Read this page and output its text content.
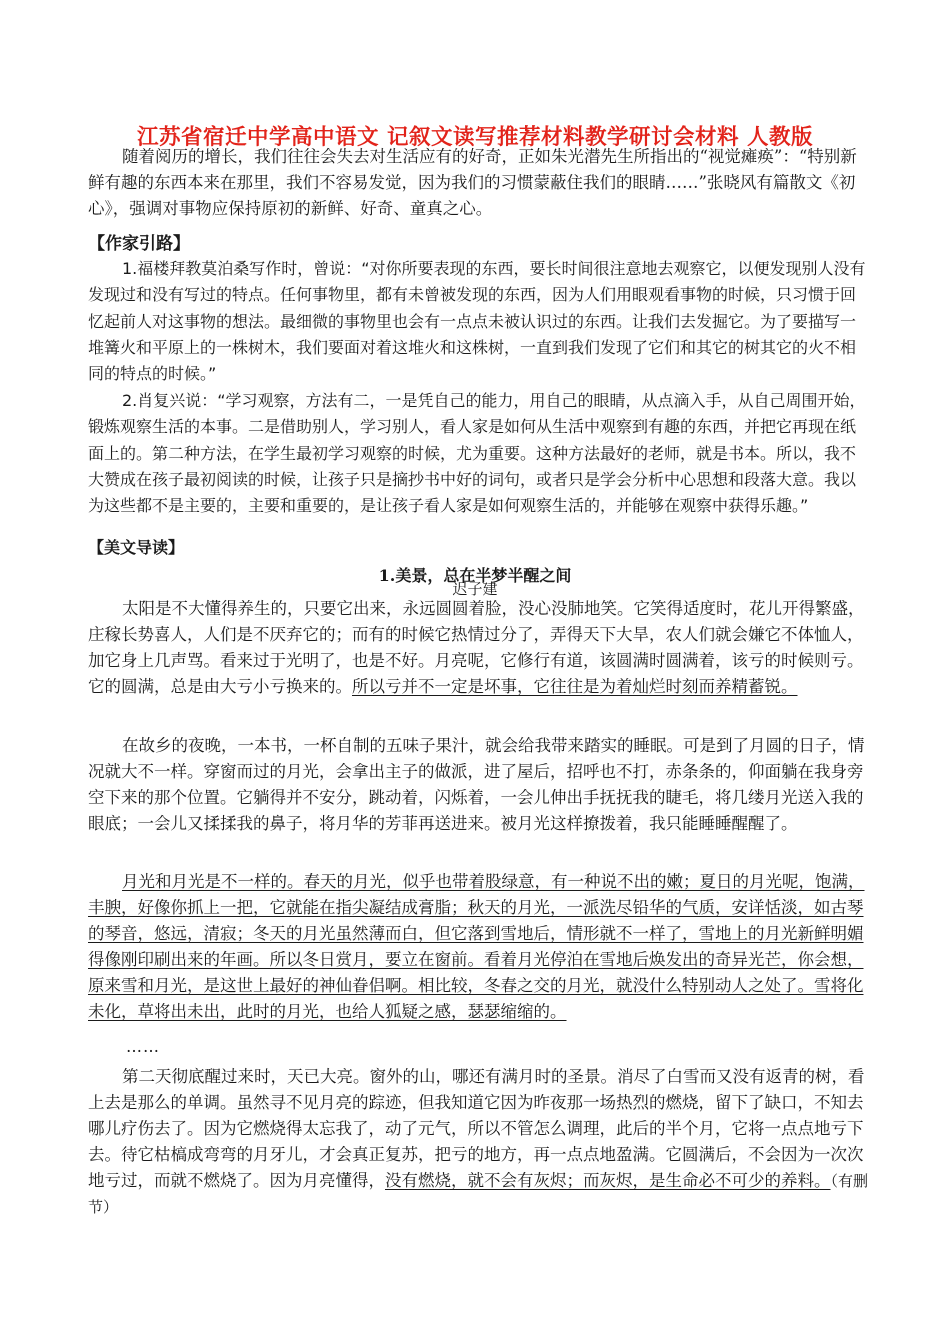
江苏省宿迁中学高中语文 记叙文读写推荐材料教学研讨会材料 人教版

随着阅历的增长，我们往往会失去对生活应有的好奇，正如朱光潜先生所指出的“视觉瘫痪”：“特别新鲜有趣的东西本来在那里，我们不容易发觉，因为我们的习惯蒙蔽住我们的眼睛……”张晓风有篇散文《初心》，强调对事物应保持原初的新鲜、好奇、童真之心。

【作家引路】

1.福楼拜教莫泊桑写作时，曾说：“对你所要表现的东西，要长时间很注意地去观察它，以便发现别人没有发现过和没有写过的特点。任何事物里，都有未曾被发现的东西，因为人们用眼观看事物的时候，只习惯于回忆起前人对这事物的想法。最细微的事物里也会有一点点未被认识过的东西。让我们去发掘它。为了要描写一堆篝火和平原上的一株树木，我们要面对着这堆火和这株树，一直到我们发现了它们和其它的树其它的火不相同的特点的时候。”

2.肖复兴说：“学习观察，方法有二，一是凭自己的能力，用自己的眼睛，从点滴入手，从自己周围开始，锻炼观察生活的本事。二是借助别人，学习别人，看人家是如何从生活中观察到有趣的东西，并把它再现在纸面上的。第二种方法，在学生最初学习观察的时候，尤为重要。这种方法最好的老师，就是书本。所以，我不大赞成在孩子最初阅读的时候，让孩子只是摘抄书中好的词句，或者只是学会分析中心思想和段落大意。我以为这些都不是主要的，主要和重要的，是让孩子看人家是如何观察生活的，并能够在观察中获得乐趣。”

【美文导读】
1.美景，总在半梦半醒之间
迟子建

太阳是不大懂得养生的，只要它出来，永远圆圆着脸，没心没肺地笑。它笑得适度时，花儿开得繁盛，庄稼长势喜人，人们是不厌弃它的；而有的时候它热情过分了，弄得天下大旱，农人们就会嫌它不体恤人，加它身上几声骂。看来过于光明了，也是不好。月亮呢，它修行有道，该圆满时圆满着，该亏的时候则亏。它的圆满，总是由大亏小亏换来的。所以亏并不一定是坏事，它往往是为着灿烂时刻而养精蓄锐。

在故乡的夜晚，一本书，一杯自制的五味子果汁，就会给我带来踏实的睡眠。可是到了月圆的日子，情况就大不一样。穿窗而过的月光，会拿出主子的做派，进了屋后，招呼也不打，赤条条的，仰面躺在我身旁空下来的那个位置。它躺得并不安分，跳动着，闪烁着，一会儿伸出手抚抚我的睫毛，将几缕月光送入我的眼底；一会儿又揉揉我的鼻子，将月华的芳菲再送进来。被月光这样撩拨着，我只能睡睡醒醒了。

月光和月光是不一样的。春天的月光，似乎也带着股绿意，有一种说不出的嫩；夏日的月光呢，饱满，丰腴，好像你抓上一把，它就能在指尖凝结成膏脂；秋天的月光，一派洗尽铅华的气质，安详恬淡，如古琴的琴音，悠远，清寂；冬天的月光虽然薄而白，但它落到雪地后，情形就不一样了，雪地上的月光新鲜明媚得像刚印刷出来的年画。所以冬日赏月，要立在窗前。看着月光停泊在雪地后焕发出的奇异光芒，你会想，原来雪和月光，是这世上最好的神仙眷侣啊。相比较，冬春之交的月光，就没什么特别动人之处了。雪将化未化，草将出未出，此时的月光，也给人狐疑之感，瑟瑟缩缩的。

……

第二天彻底醒过来时，天已大亮。窗外的山，哪还有满月时的圣景。消尽了白雪而又没有返青的树，看上去是那么的单调。虽然寻不见月亮的踪迹，但我知道它因为昨夜那一场热烈的燃烧，留下了缺口，不知去哪儿疗伤去了。因为它燃烧得太忘我了，动了元气，所以不管怎么调理，此后的半个月，它将一点点地亏下去。待它枯槁成弯弯的月牙儿，才会真正复苏，把亏的地方，再一点点地盈满。它圆满后，不会因为一次次地亏过，而就不燃烧了。因为月亮懂得，没有燃烧，就不会有灰烬；而灰烬，是生命必不可少的养料。（有删节）
